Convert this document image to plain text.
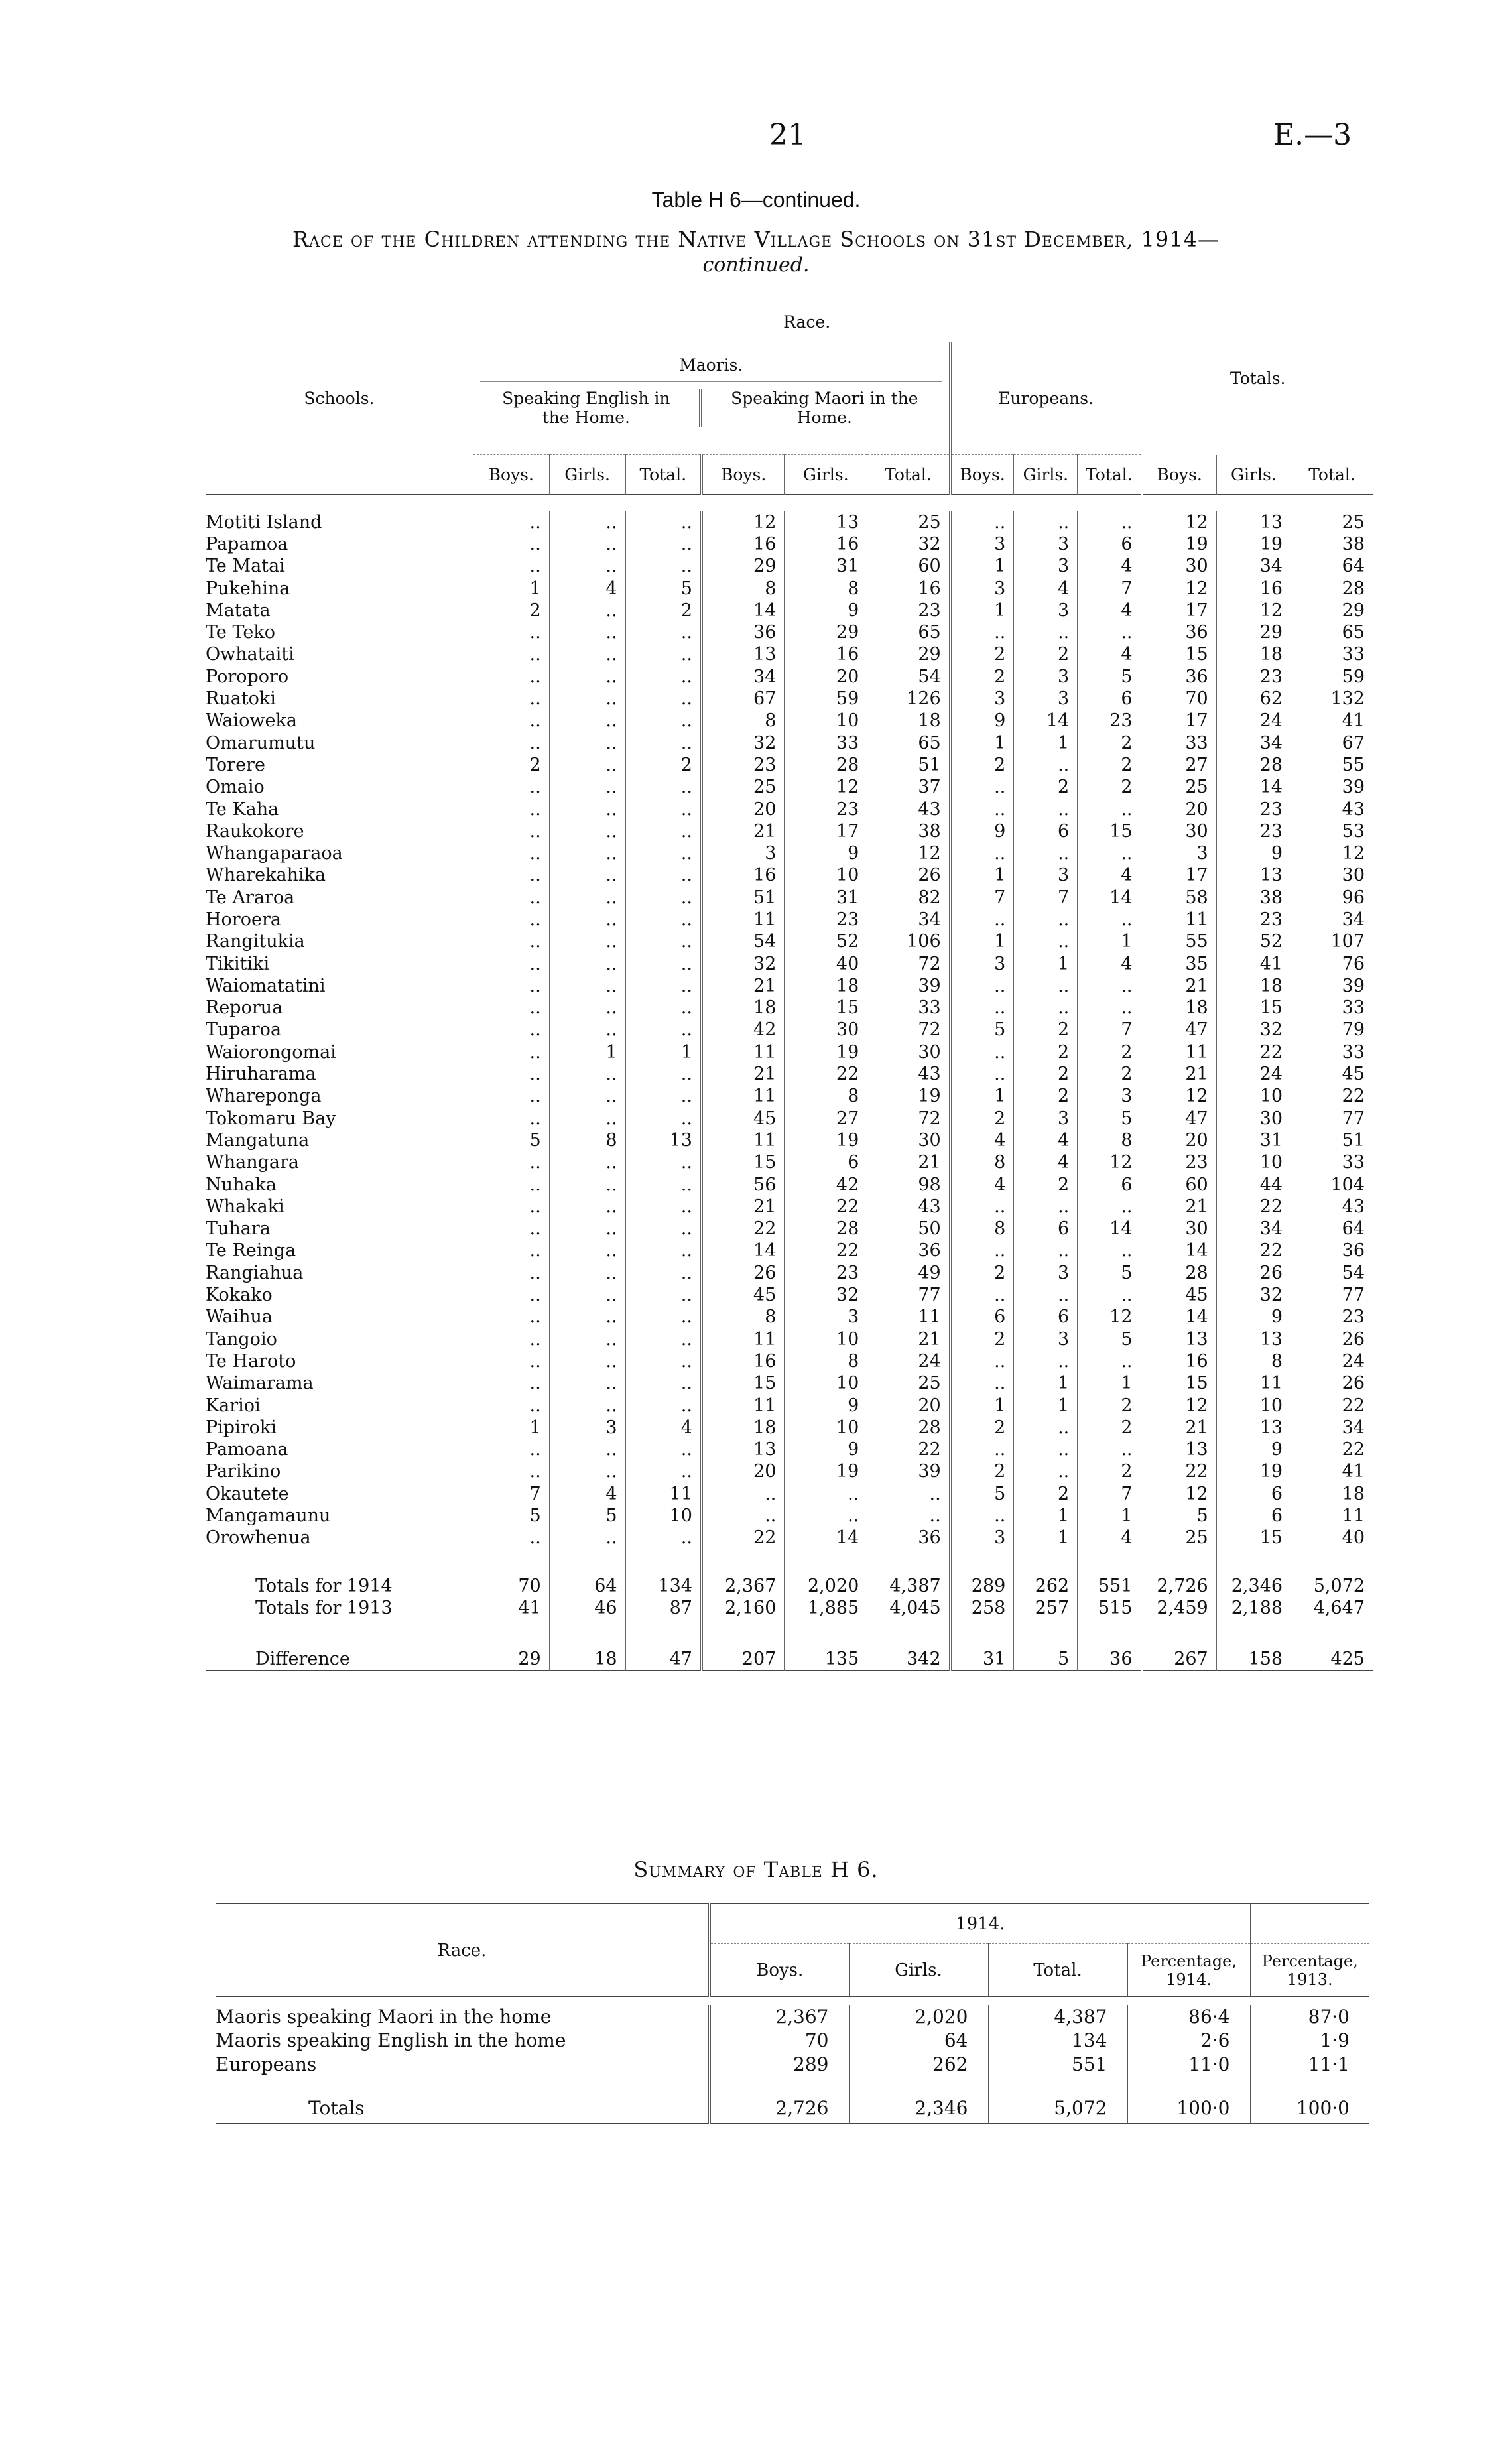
21	E.—3
Table H 6—continued.
Race of the Children attending the Native Village Schools on 31st December, 1914—
continued.
Schools.	Race.									Totals.		

	Maoris.
Speaking English in the Home.
Speaking Maori in the Home.						Europeans.					
	Boys.	Girls.	Total.	Boys.	Girls.	Total.	Boys.	Girls.	Total.	Boys.	Girls.	Total.

Motiti Island	..	..	..	12	13	25	..	..	..	12	13	25
Papamoa	..	..	..	16	16	32	3	3	6	19	19	38
Te Matai	..	..	..	29	31	60	1	3	4	30	34	64
Pukehina	1	4	5	8	8	16	3	4	7	12	16	28
Matata	2	..	2	14	9	23	1	3	4	17	12	29
Te Teko	..	..	..	36	29	65	..	..	..	36	29	65
Owhataiti	..	..	..	13	16	29	2	2	4	15	18	33
Poroporo	..	..	..	34	20	54	2	3	5	36	23	59
Ruatoki	..	..	..	67	59	126	3	3	6	70	62	132
Waioweka	..	..	..	8	10	18	9	14	23	17	24	41
Omarumutu	..	..	..	32	33	65	1	1	2	33	34	67
Torere	2	..	2	23	28	51	2	..	2	27	28	55
Omaio	..	..	..	25	12	37	..	2	2	25	14	39
Te Kaha	..	..	..	20	23	43	..	..	..	20	23	43
Raukokore	..	..	..	21	17	38	9	6	15	30	23	53
Whangaparaoa	..	..	..	3	9	12	..	..	..	3	9	12
Wharekahika	..	..	..	16	10	26	1	3	4	17	13	30
Te Araroa	..	..	..	51	31	82	7	7	14	58	38	96
Horoera	..	..	..	11	23	34	..	..	..	11	23	34
Rangitukia	..	..	..	54	52	106	1	..	1	55	52	107
Tikitiki	..	..	..	32	40	72	3	1	4	35	41	76
Waiomatatini	..	..	..	21	18	39	..	..	..	21	18	39
Reporua	..	..	..	18	15	33	..	..	..	18	15	33
Tuparoa	..	..	..	42	30	72	5	2	7	47	32	79
Waiorongomai	..	1	1	11	19	30	..	2	2	11	22	33
Hiruharama	..	..	..	21	22	43	..	2	2	21	24	45
Whareponga	..	..	..	11	8	19	1	2	3	12	10	22
Tokomaru Bay	..	..	..	45	27	72	2	3	5	47	30	77
Mangatuna	5	8	13	11	19	30	4	4	8	20	31	51
Whangara	..	..	..	15	6	21	8	4	12	23	10	33
Nuhaka	..	..	..	56	42	98	4	2	6	60	44	104
Whakaki	..	..	..	21	22	43	..	..	..	21	22	43
Tuhara	..	..	..	22	28	50	8	6	14	30	34	64
Te Reinga	..	..	..	14	22	36	..	..	..	14	22	36
Rangiahua	..	..	..	26	23	49	2	3	5	28	26	54
Kokako	..	..	..	45	32	77	..	..	..	45	32	77
Waihua	..	..	..	8	3	11	6	6	12	14	9	23
Tangoio	..	..	..	11	10	21	2	3	5	13	13	26
Te Haroto	..	..	..	16	8	24	..	..	..	16	8	24
Waimarama	..	..	..	15	10	25	..	1	1	15	11	26
Karioi	..	..	..	11	9	20	1	1	2	12	10	22
Pipiroki	1	3	4	18	10	28	2	..	2	21	13	34
Pamoana	..	..	..	13	9	22	..	..	..	13	9	22
Parikino	..	..	..	20	19	39	2	..	2	22	19	41
Okautete	7	4	11	..	..	..	5	2	7	12	6	18
Mangamaunu	5	5	10	..	..	..	..	1	1	5	6	11
Orowhenua	..	..	..	22	14	36	3	1	4	25	15	40

Totals for 1914	70	64	134	2,367	2,020	4,387	289	262	551	2,726	2,346	5,072
Totals for 1913	41	46	87	2,160	1,885	4,045	258	257	515	2,459	2,188	4,647

Difference	29	18	47	207	135	342	31	5	36	267	158	425
Summary of Table H 6.
Race.	1914.				
	Boys.	Girls.	Total.	Percentage, 1914.	Percentage, 1913.

Maoris speaking Maori in the home	2,367	2,020	4,387	86·4	87·0
Maoris speaking English in the home	70	64	134	2·6	1·9
Europeans	289	262	551	11·0	11·1

Totals	2,726	2,346	5,072	100·0	100·0
